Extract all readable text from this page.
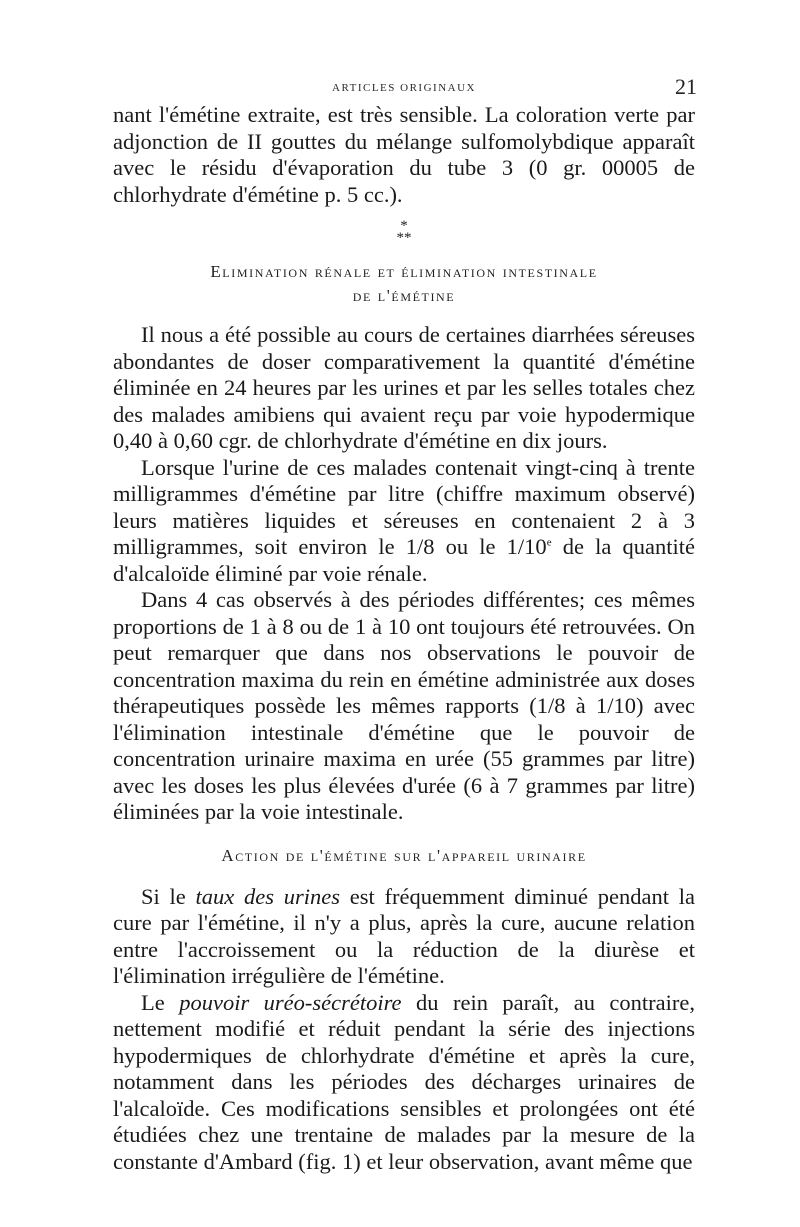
ARTICLES ORIGINAUX	21

nant l'émétine extraite, est très sensible. La coloration verte par adjonction de II gouttes du mélange sulfomolybdique apparaît avec le résidu d'évaporation du tube 3 (0 gr. 00005 de chlorhydrate d'émétine p. 5 cc.).

*
**
Elimination rénale et élimination intestinale
de l'émétine

Il nous a été possible au cours de certaines diarrhées séreuses abondantes de doser comparativement la quantité d'émétine éliminée en 24 heures par les urines et par les selles totales chez des malades amibiens qui avaient reçu par voie hypodermique 0,40 à 0,60 cgr. de chlorhydrate d'émétine en dix jours.

Lorsque l'urine de ces malades contenait vingt-cinq à trente milligrammes d'émétine par litre (chiffre maximum observé) leurs matières liquides et séreuses en contenaient 2 à 3 milligrammes, soit environ le 1/8 ou le 1/10e de la quantité d'alcaloïde éliminé par voie rénale.

Dans 4 cas observés à des périodes différentes; ces mêmes proportions de 1 à 8 ou de 1 à 10 ont toujours été retrouvées. On peut remarquer que dans nos observations le pouvoir de concentration maxima du rein en émétine administrée aux doses thérapeutiques possède les mêmes rapports (1/8 à 1/10) avec l'élimination intestinale d'émétine que le pouvoir de concentration urinaire maxima en urée (55 grammes par litre) avec les doses les plus élevées d'urée (6 à 7 grammes par litre) éliminées par la voie intestinale.

Action de l'émétine sur l'appareil urinaire

Si le taux des urines est fréquemment diminué pendant la cure par l'émétine, il n'y a plus, après la cure, aucune relation entre l'accroissement ou la réduction de la diurèse et l'élimination irrégulière de l'émétine.

Le pouvoir uréo-sécrétoire du rein paraît, au contraire, nettement modifié et réduit pendant la série des injections hypodermiques de chlorhydrate d'émétine et après la cure, notamment dans les périodes des décharges urinaires de l'alcaloïde. Ces modifications sensibles et prolongées ont été étudiées chez une trentaine de malades par la mesure de la constante d'Ambard (fig. 1) et leur observation, avant même que
